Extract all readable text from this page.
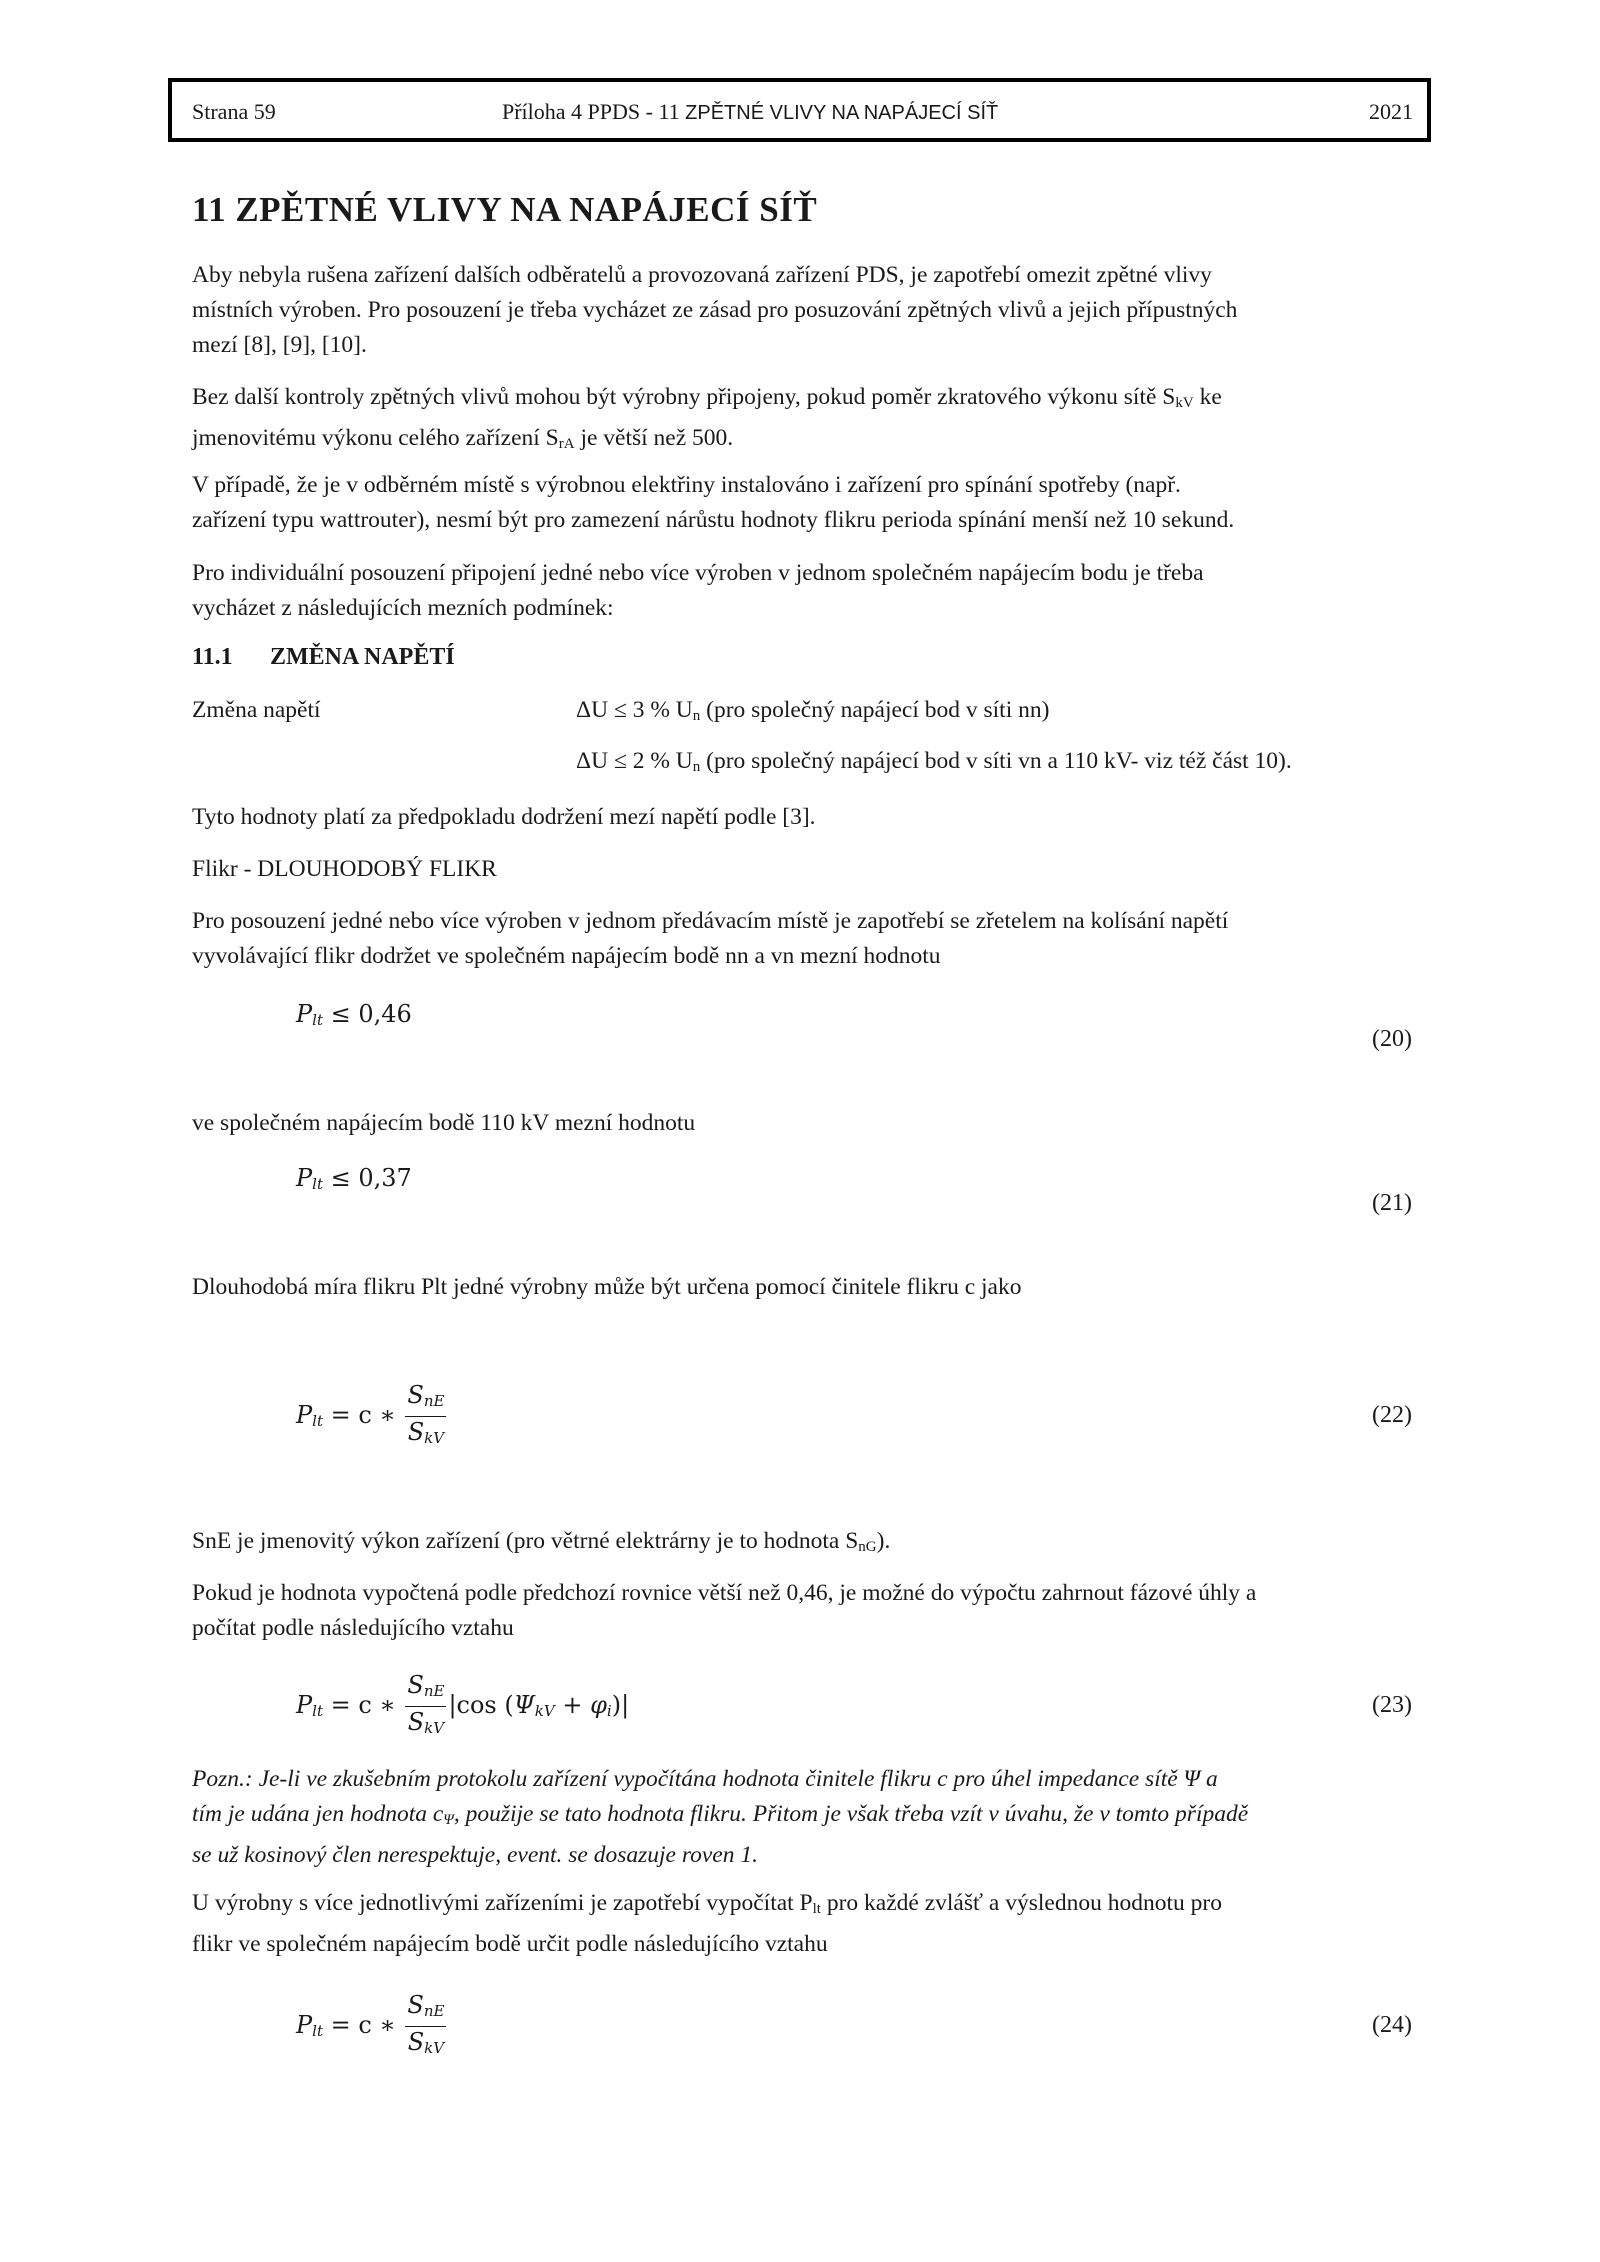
Strana 59	Příloha 4 PPDS - 11 ZPĚTNÉ VLIVY NA NAPÁJECÍ SÍŤ	2021
11 ZPĚTNÉ VLIVY NA NAPÁJECÍ SÍŤ
Aby nebyla rušena zařízení dalších odběratelů a provozovaná zařízení PDS, je zapotřebí omezit zpětné vlivy
místních výroben. Pro posouzení je třeba vycházet ze zásad pro posuzování zpětných vlivů a jejich přípustných
mezí [8], [9], [10].
Bez další kontroly zpětných vlivů mohou být výrobny připojeny, pokud poměr zkratového výkonu sítě $S_{kV}$ ke
jmenovitému výkonu celého zařízení $S_{rA}$ je větší než 500.
V případě, že je v odběrném místě s výrobnou elektřiny instalováno i zařízení pro spínání spotřeby (např.
zařízení typu wattrouter), nesmí být pro zamezení nárůstu hodnoty flikru perioda spínání menší než 10 sekund.
Pro individuální posouzení připojení jedné nebo více výroben v jednom společném napájecím bodu je třeba
vycházet z následujících mezních podmínek:
11.1 ZMĚNA NAPĚTÍ
Změna napětí	ΔU ≤ 3 % $U_n$ (pro společný napájecí bod v síti nn)
ΔU ≤ 2 % $U_n$ (pro společný napájecí bod v síti vn a 110 kV- viz též část 10).
Tyto hodnoty platí za předpokladu dodržení mezí napětí podle [3].
Flikr - DLOUHODOBÝ FLIKR
Pro posouzení jedné nebo více výroben v jednom předávacím místě je zapotřebí se zřetelem na kolísání napětí
vyvolávající flikr dodržet ve společném napájecím bodě nn a vn mezní hodnotu
$P_{lt} \le 0,46$
(20)
ve společném napájecím bodě 110 kV mezní hodnotu
$P_{lt} \le 0,37$
(21)
Dlouhodobá míra flikru Plt jedné výrobny může být určena pomocí činitele flikru c jako
$P_{lt} = c$ ∗ $\frac{S_{nE}}{S_{kV}}$	(22)
SnE je jmenovitý výkon zařízení (pro větrné elektrárny je to hodnota $S_{nG}$).
Pokud je hodnota vypočtená podle předchozí rovnice větší než 0,46, je možné do výpočtu zahrnout fázové úhly a
počítat podle následujícího vztahu
$P_{lt} = c$ ∗ $\frac{S_{nE}}{S_{kV}} |\cos$ $(\Psi_{kV} + \varphi_i)|$	(23)
Pozn.: Je-li ve zkušebním protokolu zařízení vypočítána hodnota činitele flikru c pro úhel impedance sítě Ψ a
tím je udána jen hodnota $c_\Psi$, použije se tato hodnota flikru. Přitom je však třeba vzít v úvahu, že v tomto případě
se už kosinový člen nerespektuje, event. se dosazuje roven 1.
U výrobny s více jednotlivými zařízeními je zapotřebí vypočítat $P_{lt}$ pro každé zvlášť a výslednou hodnotu pro
flikr ve společném napájecím bodě určit podle následujícího vztahu
$P_{lt} = c$ ∗ $\frac{S_{nE}}{S_{kV}}$	(24)
